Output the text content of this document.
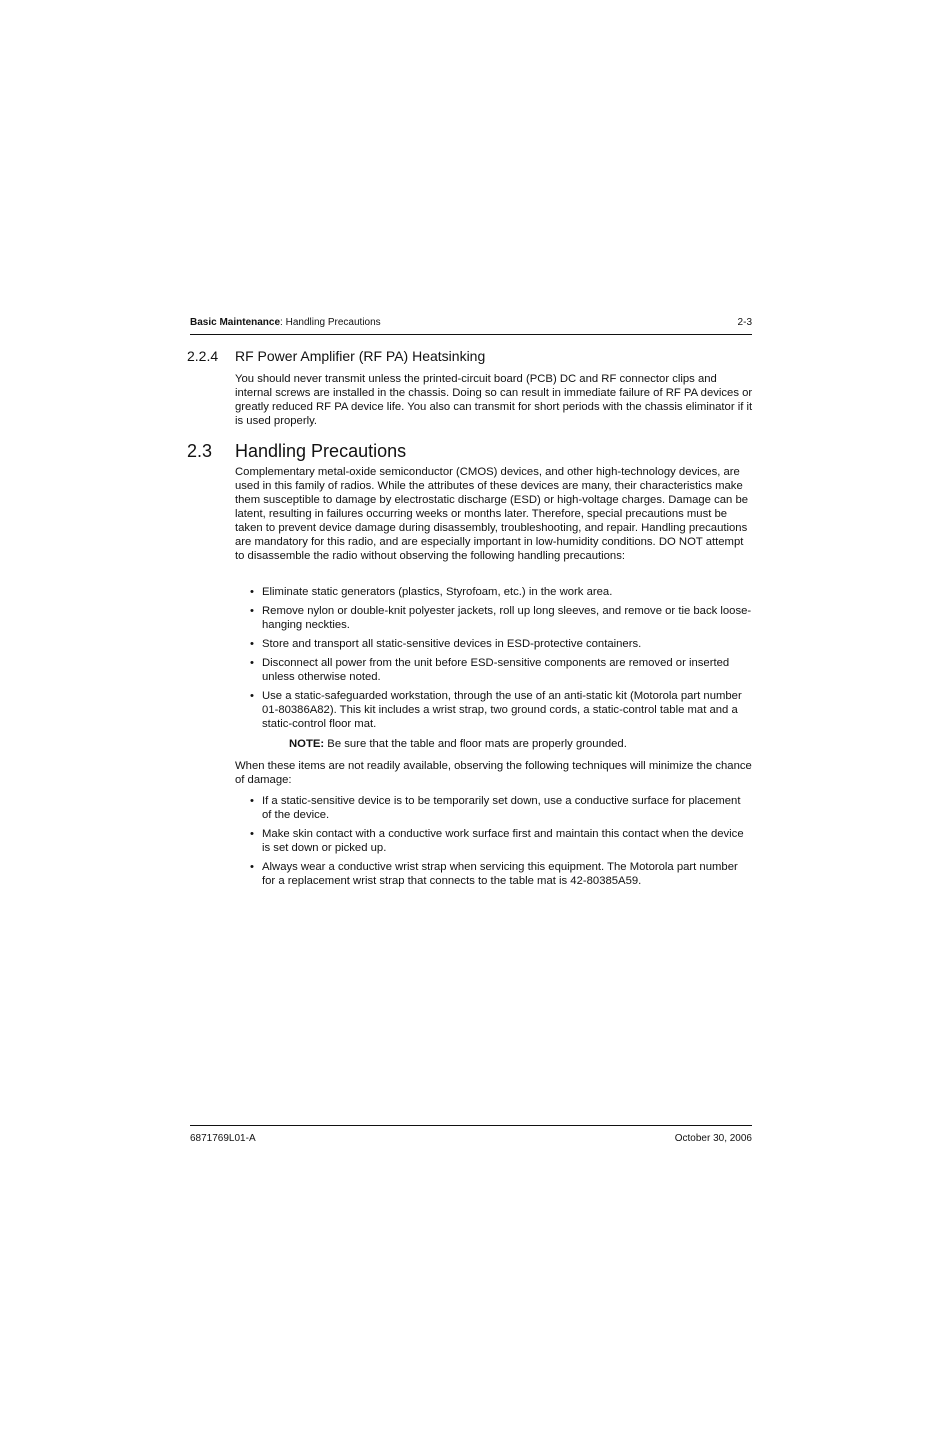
Basic Maintenance: Handling Precautions	2-3
2.2.4 RF Power Amplifier (RF PA) Heatsinking

You should never transmit unless the printed-circuit board (PCB) DC and RF connector clips and internal screws are installed in the chassis. Doing so can result in immediate failure of RF PA devices or greatly reduced RF PA device life. You also can transmit for short periods with the chassis eliminator if it is used properly.

2.3 Handling Precautions

Complementary metal-oxide semiconductor (CMOS) devices, and other high-technology devices, are used in this family of radios. While the attributes of these devices are many, their characteristics make them susceptible to damage by electrostatic discharge (ESD) or high-voltage charges. Damage can be latent, resulting in failures occurring weeks or months later. Therefore, special precautions must be taken to prevent device damage during disassembly, troubleshooting, and repair. Handling precautions are mandatory for this radio, and are especially important in low-humidity conditions. DO NOT attempt to disassemble the radio without observing the following handling precautions:

• Eliminate static generators (plastics, Styrofoam, etc.) in the work area.
• Remove nylon or double-knit polyester jackets, roll up long sleeves, and remove or tie back loose-hanging neckties.
• Store and transport all static-sensitive devices in ESD-protective containers.
• Disconnect all power from the unit before ESD-sensitive components are removed or inserted unless otherwise noted.
• Use a static-safeguarded workstation, through the use of an anti-static kit (Motorola part number 01-80386A82). This kit includes a wrist strap, two ground cords, a static-control table mat and a static-control floor mat.
NOTE: Be sure that the table and floor mats are properly grounded.

When these items are not readily available, observing the following techniques will minimize the chance of damage:

• If a static-sensitive device is to be temporarily set down, use a conductive surface for placement of the device.
• Make skin contact with a conductive work surface first and maintain this contact when the device is set down or picked up.
• Always wear a conductive wrist strap when servicing this equipment. The Motorola part number for a replacement wrist strap that connects to the table mat is 42-80385A59.
6871769L01-A	October 30, 2006
